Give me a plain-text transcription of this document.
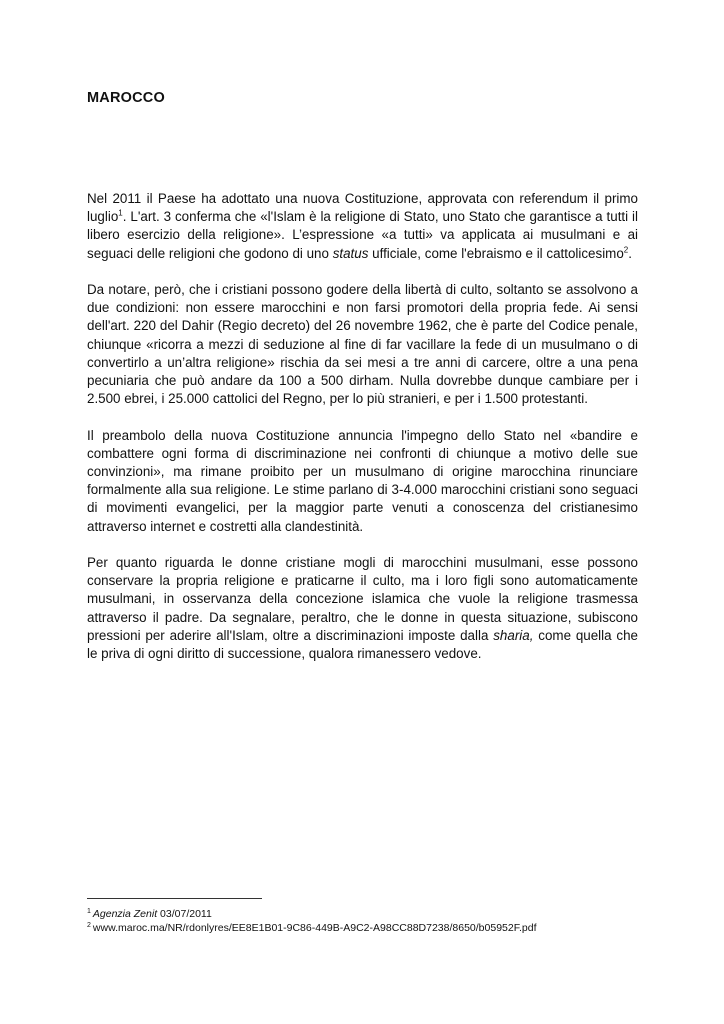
MAROCCO

Nel 2011 il Paese ha adottato una nuova Costituzione, approvata con referendum il primo luglio$^1$. L'art. 3 conferma che «l'Islam è la religione di Stato, uno Stato che garantisce a tutti il libero esercizio della religione». L’espressione «a tutti» va applicata ai musulmani e ai seguaci delle religioni che godono di uno status ufficiale, come l'ebraismo e il cattolicesimo$^2$.

Da notare, però, che i cristiani possono godere della libertà di culto, soltanto se assolvono a due condizioni: non essere marocchini e non farsi promotori della propria fede. Ai sensi dell'art. 220 del Dahir (Regio decreto) del 26 novembre 1962, che è parte del Codice penale, chiunque «ricorra a mezzi di seduzione al fine di far vacillare la fede di un musulmano o di convertirlo a un’altra religione» rischia da sei mesi a tre anni di carcere, oltre a una pena pecuniaria che può andare da 100 a 500 dirham. Nulla dovrebbe dunque cambiare per i 2.500 ebrei, i 25.000 cattolici del Regno, per lo più stranieri, e per i 1.500 protestanti.

Il preambolo della nuova Costituzione annuncia l'impegno dello Stato nel «bandire e combattere ogni forma di discriminazione nei confronti di chiunque a motivo delle sue convinzioni», ma rimane proibito per un musulmano di origine marocchina rinunciare formalmente alla sua religione. Le stime parlano di 3-4.000 marocchini cristiani sono seguaci di movimenti evangelici, per la maggior parte venuti a conoscenza del cristianesimo attraverso internet e costretti alla clandestinità.

Per quanto riguarda le donne cristiane mogli di marocchini musulmani, esse possono conservare la propria religione e praticarne il culto, ma i loro figli sono automaticamente musulmani, in osservanza della concezione islamica che vuole la religione trasmessa attraverso il padre. Da segnalare, peraltro, che le donne in questa situazione, subiscono pressioni per aderire all'Islam, oltre a discriminazioni imposte dalla sharia, come quella che le priva di ogni diritto di successione, qualora rimanessero vedove.

$^1$ Agenzia Zenit 03/07/2011
$^2$ www.maroc.ma/NR/rdonlyres/EE8E1B01-9C86-449B-A9C2-A98CC88D7238/8650/b05952F.pdf
